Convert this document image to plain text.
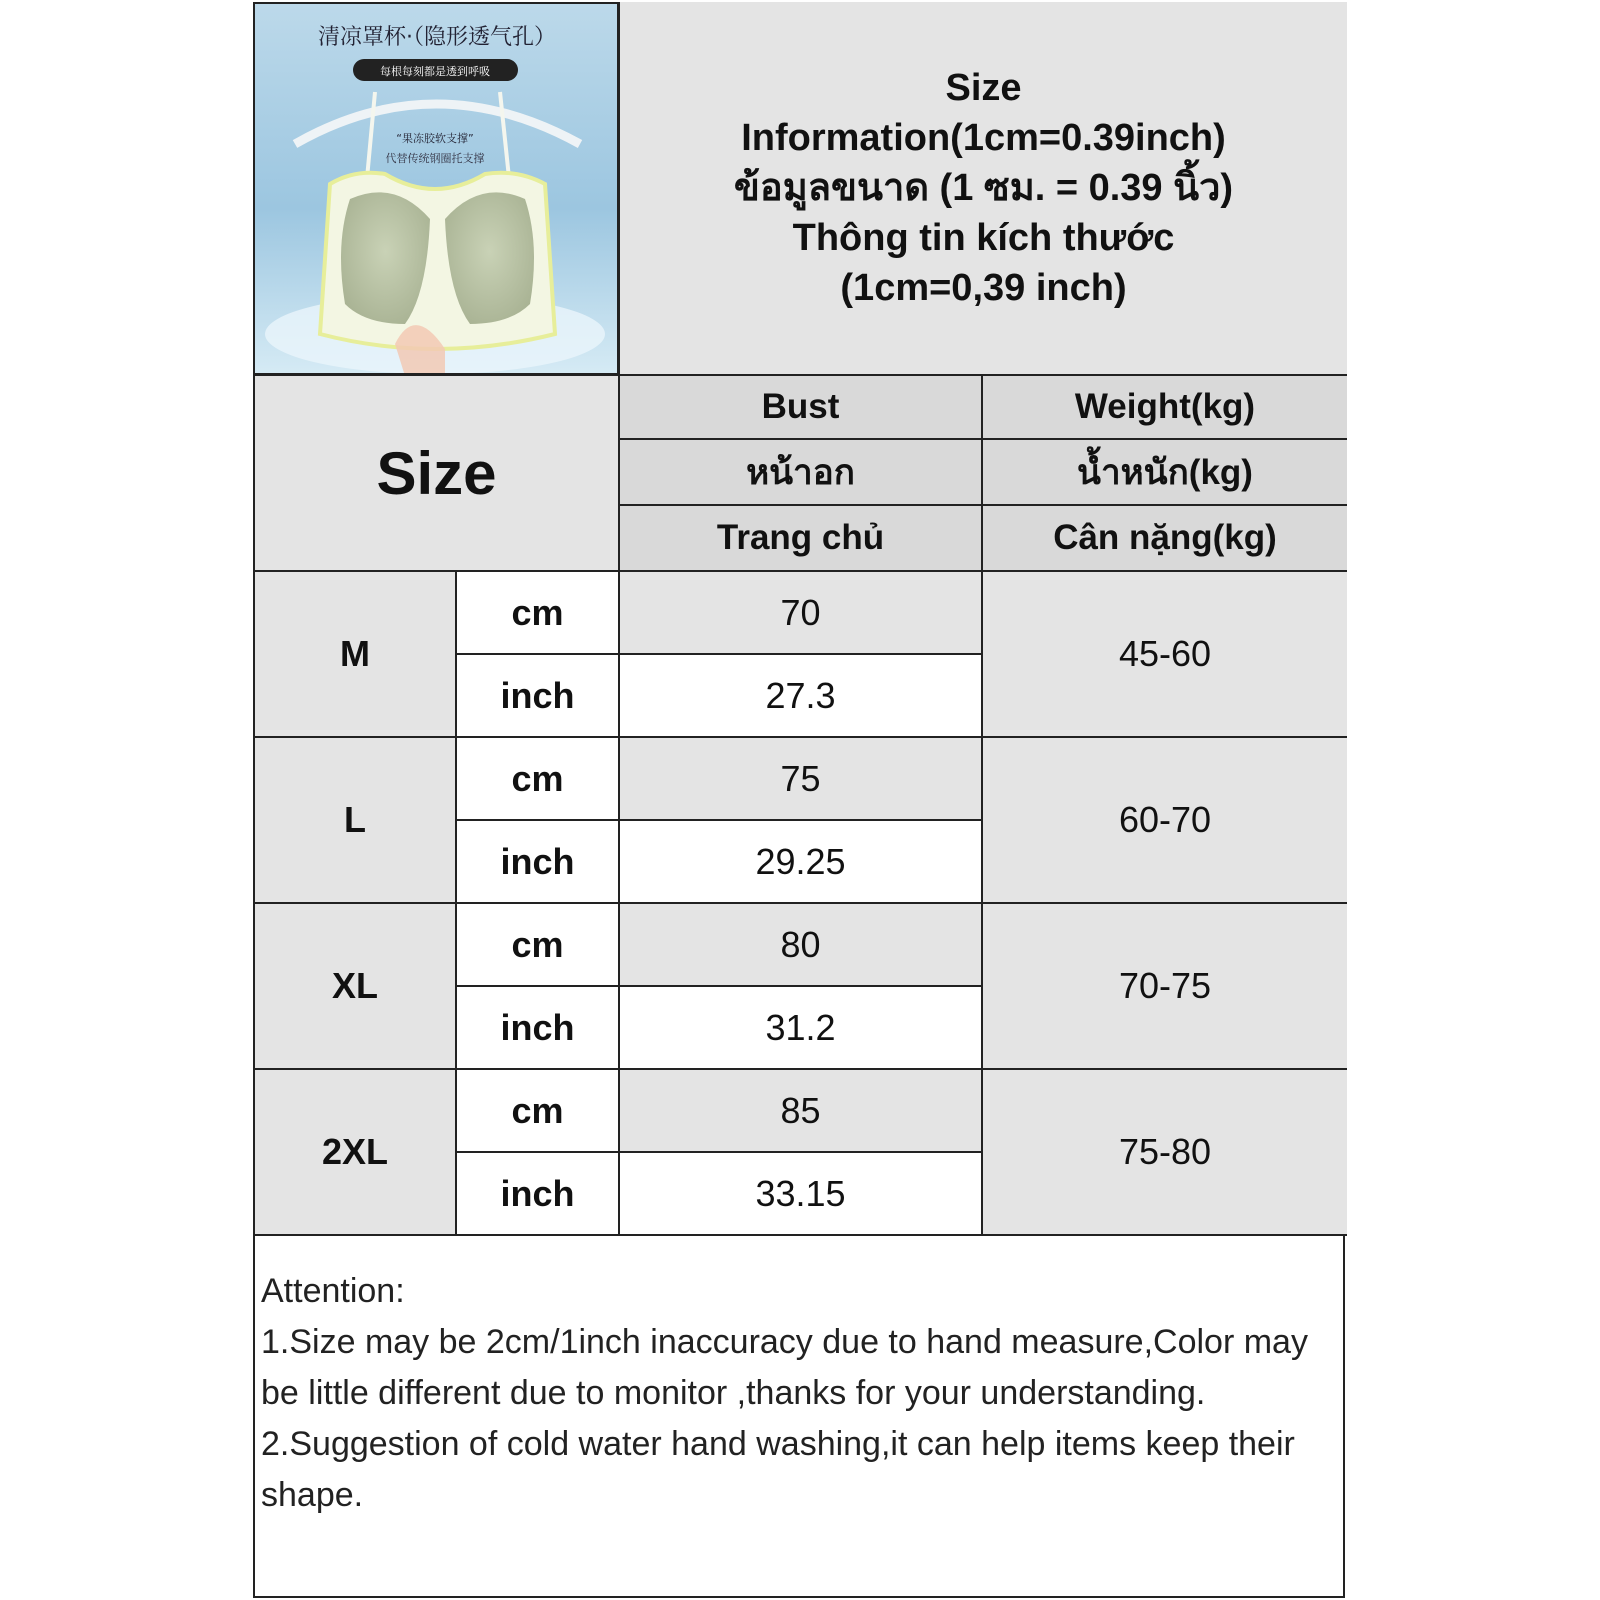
清凉罩杯·（隐形透气孔）
每根每刻都是透到呼吸
“果冻胶软支撑”
代替传统钢圈托支撑
Size
Information(1cm=0.39inch)
ข้อมูลขนาด (1 ซม. = 0.39 นิ้ว)
Thông tin kích thước
(1cm=0,39 inch)
Size
Bust
หน้าอก
Trang chủ
Weight(kg)
น้ำหนัก(kg)
Cân nặng(kg)
M
cm
inch
70
27.3
45-60
L
cm
inch
75
29.25
60-70
XL
cm
inch
80
31.2
70-75
2XL
cm
inch
85
33.15
75-80
Attention:
1.Size may be 2cm/1inch inaccuracy due to hand measure,Color may be little different due to monitor ,thanks for your understanding.
2.Suggestion of cold water hand washing,it can help items keep their shape.
